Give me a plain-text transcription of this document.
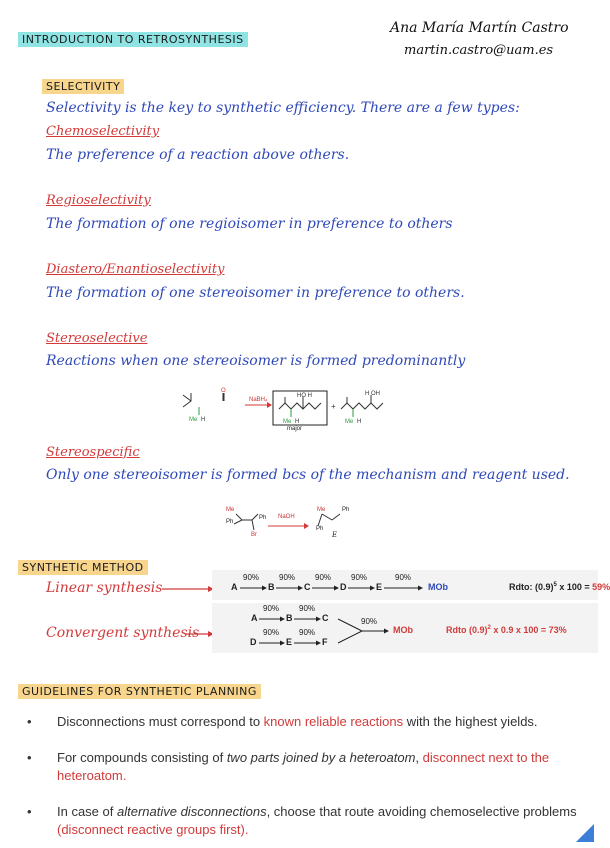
INTRODUCTION TO RETROSYNTHESIS
Ana María Martín Castro
martin.castro@uam.es
SELECTIVITY
Selectivity is the key to synthetic efficiency. There are a few types:
Chemoselectivity
The preference of a reaction above others.
Regioselectivity
The formation of one regioisomer in preference to others
Diastero/Enantioselectivity
The formation of one stereoisomer in preference to others.
Stereoselective
Reactions when one stereoisomer is formed predominantly
O
Me H
HO H
Me H
H OH
Me H
+
NaBH₄
major
Stereospecific
Only one stereoisomer is formed bcs of the mechanism and reagent used.
Me
Ph
Ph
Br
NaOH
Me	Ph
Ph
E
SYNTHETIC METHOD
Linear synthesis
Convergent synthesis
A	B	C	D	E	MOb
90% 90% 90% 90%	90%
Rdto: $(0.9)^5$ x 100 = 59%
A	B	C
D	E	F
90% 90%
90% 90%
90%
MOb	Rdto $(0.9)^2$ x 0.9 x 100 = 73%
GUIDELINES FOR SYNTHETIC PLANNING
• Disconnections must correspond to known reliable reactions with the highest yields.
• For compounds consisting of two parts joined by a heteroatom, disconnect next to the heteroatom.
• In case of alternative disconnections, choose that route avoiding chemoselective problems (disconnect reactive groups first).
